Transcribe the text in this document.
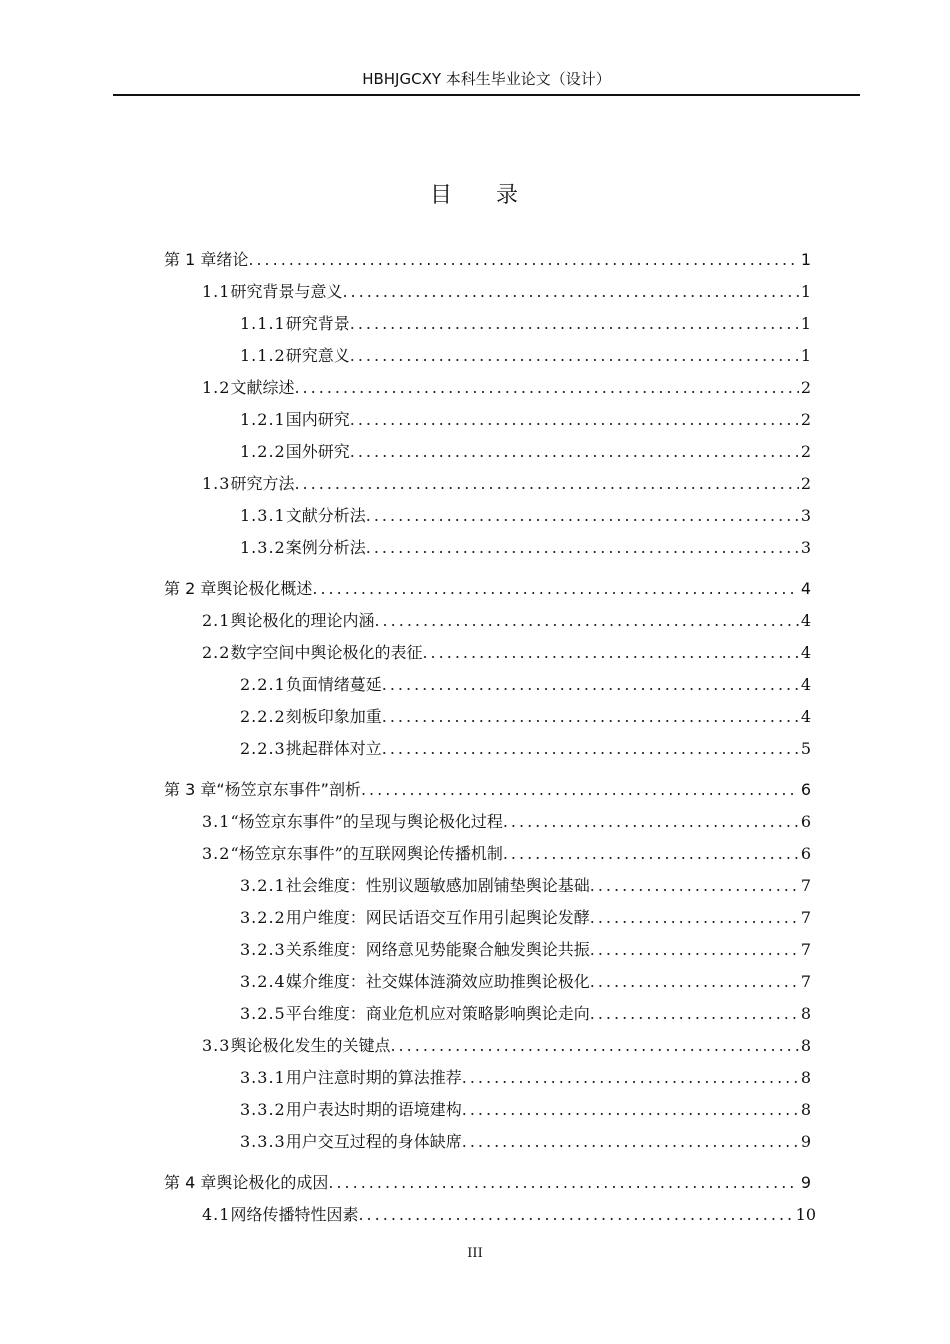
HBHJGCXY 本科生毕业论文（设计）
目 录
第 1 章 绪论 .....	1
1.1 研究背景与意义 .....	1
1.1.1 研究背景 .....	1
1.1.2 研究意义 .....	1
1.2 文献综述 .....	2
1.2.1 国内研究 .....	2
1.2.2 国外研究 .....	2
1.3 研究方法 .....	2
1.3.1 文献分析法 .....	3
1.3.2 案例分析法 .....	3
第 2 章 舆论极化概述 .....	4
2.1 舆论极化的理论内涵 .....	4
2.2 数字空间中舆论极化的表征 .....	4
2.2.1 负面情绪蔓延 .....	4
2.2.2 刻板印象加重 .....	4
2.2.3 挑起群体对立 .....	5
第 3 章 “杨笠京东事件”剖析 .....	6
3.1 “杨笠京东事件”的呈现与舆论极化过程 .....	6
3.2 “杨笠京东事件”的互联网舆论传播机制 .....	6
3.2.1 社会维度：性别议题敏感加剧铺垫舆论基础 .....	7
3.2.2 用户维度：网民话语交互作用引起舆论发酵 .....	7
3.2.3 关系维度：网络意见势能聚合触发舆论共振 .....	7
3.2.4 媒介维度：社交媒体涟漪效应助推舆论极化 .....	7
3.2.5 平台维度：商业危机应对策略影响舆论走向 .....	8
3.3 舆论极化发生的关键点 .....	8
3.3.1 用户注意时期的算法推荐 .....	8
3.3.2 用户表达时期的语境建构 .....	8
3.3.3 用户交互过程的身体缺席 .....	9
第 4 章 舆论极化的成因 .....	9
4.1 网络传播特性因素 .....	10
III
